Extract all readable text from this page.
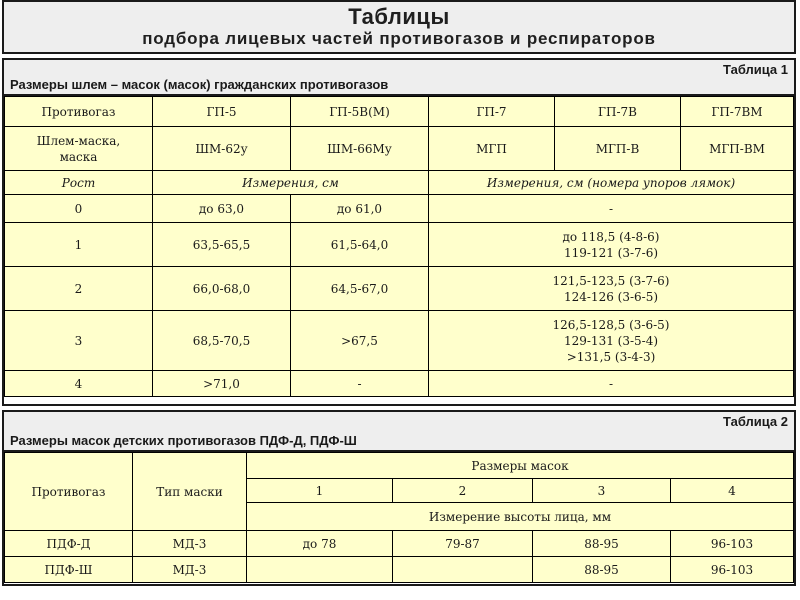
Таблицы
подбора лицевых частей противогазов и респираторов
Таблица 1
Размеры шлем – масок (масок) гражданских противогазов
Противогаз	ГП-5	ГП-5В(М)	ГП-7	ГП-7В	ГП-7ВМ
Шлем-маска,
маска	ШМ-62у	ШМ-66Му	МГП	МГП-В	МГП-ВМ
Рост	Измерения, см		Измерения, см (номера упоров лямок)		
0	до 63,0	до 61,0	-		
1	63,5-65,5	61,5-64,0	до 118,5 (4-8-6)
119-121 (3-7-6)		
2	66,0-68,0	64,5-67,0	121,5-123,5 (3-7-6)
124-126 (3-6-5)		
3	68,5-70,5	>67,5	126,5-128,5 (3-6-5)
129-131 (3-5-4)
>131,5 (3-4-3)		
4	>71,0	-	-		
Таблица 2
Размеры масок детских противогазов ПДФ-Д, ПДФ-Ш
Противогаз	Тип маски	Размеры масок			
		1	2	3	4
		Измерение высоты лица, мм			
ПДФ-Д	МД-3	до 78	79-87	88-95	96-103
ПДФ-Ш	МД-3			88-95	96-103
